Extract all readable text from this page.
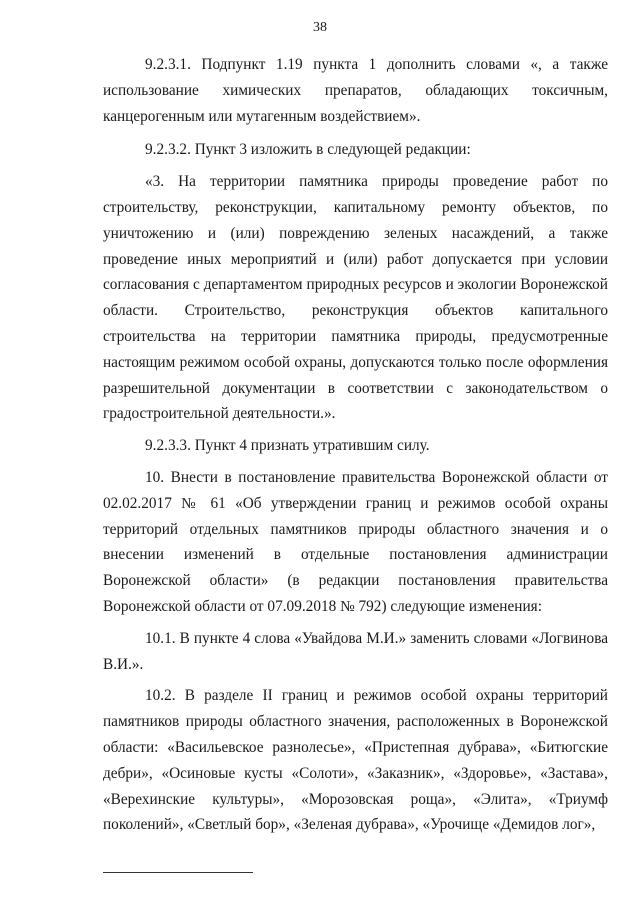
38

9.2.3.1. Подпункт 1.19 пункта 1 дополнить словами «, а также использование химических препаратов, обладающих токсичным, канцерогенным или мутагенным воздействием».

9.2.3.2. Пункт 3 изложить в следующей редакции:

«3. На территории памятника природы проведение работ по строительству, реконструкции, капитальному ремонту объектов, по уничтожению и (или) повреждению зеленых насаждений, а также проведение иных мероприятий и (или) работ допускается при условии согласования с департаментом природных ресурсов и экологии Воронежской области. Строительство, реконструкция объектов капитального строительства на территории памятника природы, предусмотренные настоящим режимом особой охраны, допускаются только после оформления разрешительной документации в соответствии с законодательством о градостроительной деятельности.».

9.2.3.3. Пункт 4 признать утратившим силу.

10. Внести в постановление правительства Воронежской области от 02.02.2017 № 61 «Об утверждении границ и режимов особой охраны территорий отдельных памятников природы областного значения и о внесении изменений в отдельные постановления администрации Воронежской области» (в редакции постановления правительства Воронежской области от 07.09.2018 № 792) следующие изменения:

10.1. В пункте 4 слова «Увайдова М.И.» заменить словами «Логвинова В.И.».

10.2. В разделе II границ и режимов особой охраны территорий памятников природы областного значения, расположенных в Воронежской области: «Васильевское разнолесье», «Пристепная дубрава», «Битюгские дебри», «Осиновые кусты «Солоти», «Заказник», «Здоровье», «Застава», «Верехинские культуры», «Морозовская роща», «Элита», «Триумф поколений», «Светлый бор», «Зеленая дубрава», «Урочище «Демидов лог»,
